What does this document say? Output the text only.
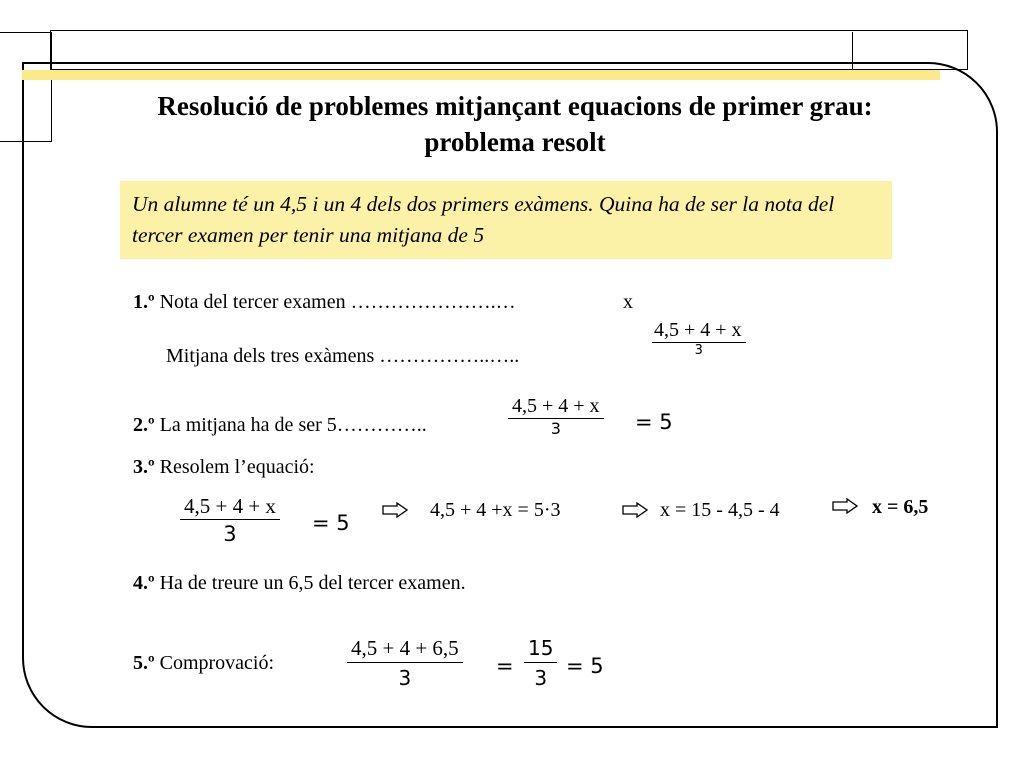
Resolució de problemes mitjançant equacions de primer grau: problema resolt
Un alumne té un 4,5 i un 4 dels dos primers exàmens. Quina ha de ser la nota del tercer examen per tenir una mitjana de 5
1.º Nota del tercer examen ………………….…	x
Mitjana dels tres exàmens ……………..…..
4,5 + 4 + x
3
2.º La mitjana ha de ser 5…………..
4,5 + 4 + x
3	= 5
3.º Resolem l’equació:
$\frac{4,5 + 4 + x}{3} = 5$
4,5 + 4 +x = 5·3	x = 15 - 4,5 - 4	x = 6,5
4.º Ha de treure un 6,5 del tercer examen.
5.º Comprovació:	$\frac{4,5 + 4 + 6,5}{3} = \frac{15}{3} = 5$
